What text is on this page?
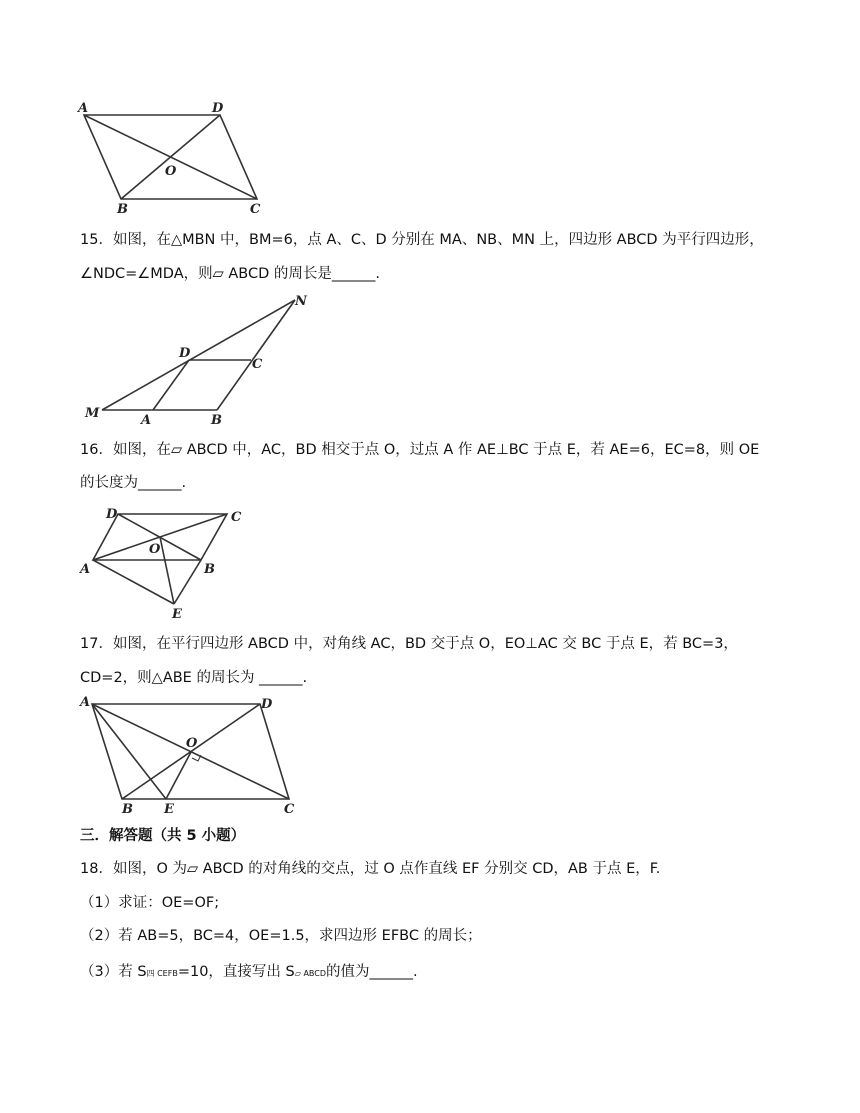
A	D
O
B	C
15．如图，在△MBN 中，BM=6，点 A、C、D 分别在 MA、NB、MN 上，四边形 ABCD 为平行四边形，
∠NDC=∠MDA，则▱ ABCD 的周长是______.
N
D
C
M	A	B
16．如图，在▱ ABCD 中，AC，BD 相交于点 O，过点 A 作 AE⊥BC 于点 E，若 AE=6，EC=8，则 OE
的长度为______.
D	C
O
A	B
E
17．如图，在平行四边形 ABCD 中，对角线 AC，BD 交于点 O，EO⊥AC 交 BC 于点 E，若 BC=3，
CD=2，则△ABE 的周长为 ______.
A	D
O
B E	C
三．解答题（共 5 小题）
18．如图，O 为▱ ABCD 的对角线的交点，过 O 点作直线 EF 分别交 CD，AB 于点 E，F.
（1）求证：OE=OF;
（2）若 AB=5，BC=4，OE=1.5，求四边形 EFBC 的周长；
（3）若 S四 CEFB=10，直接写出 S▱ ABCD的值为______.
